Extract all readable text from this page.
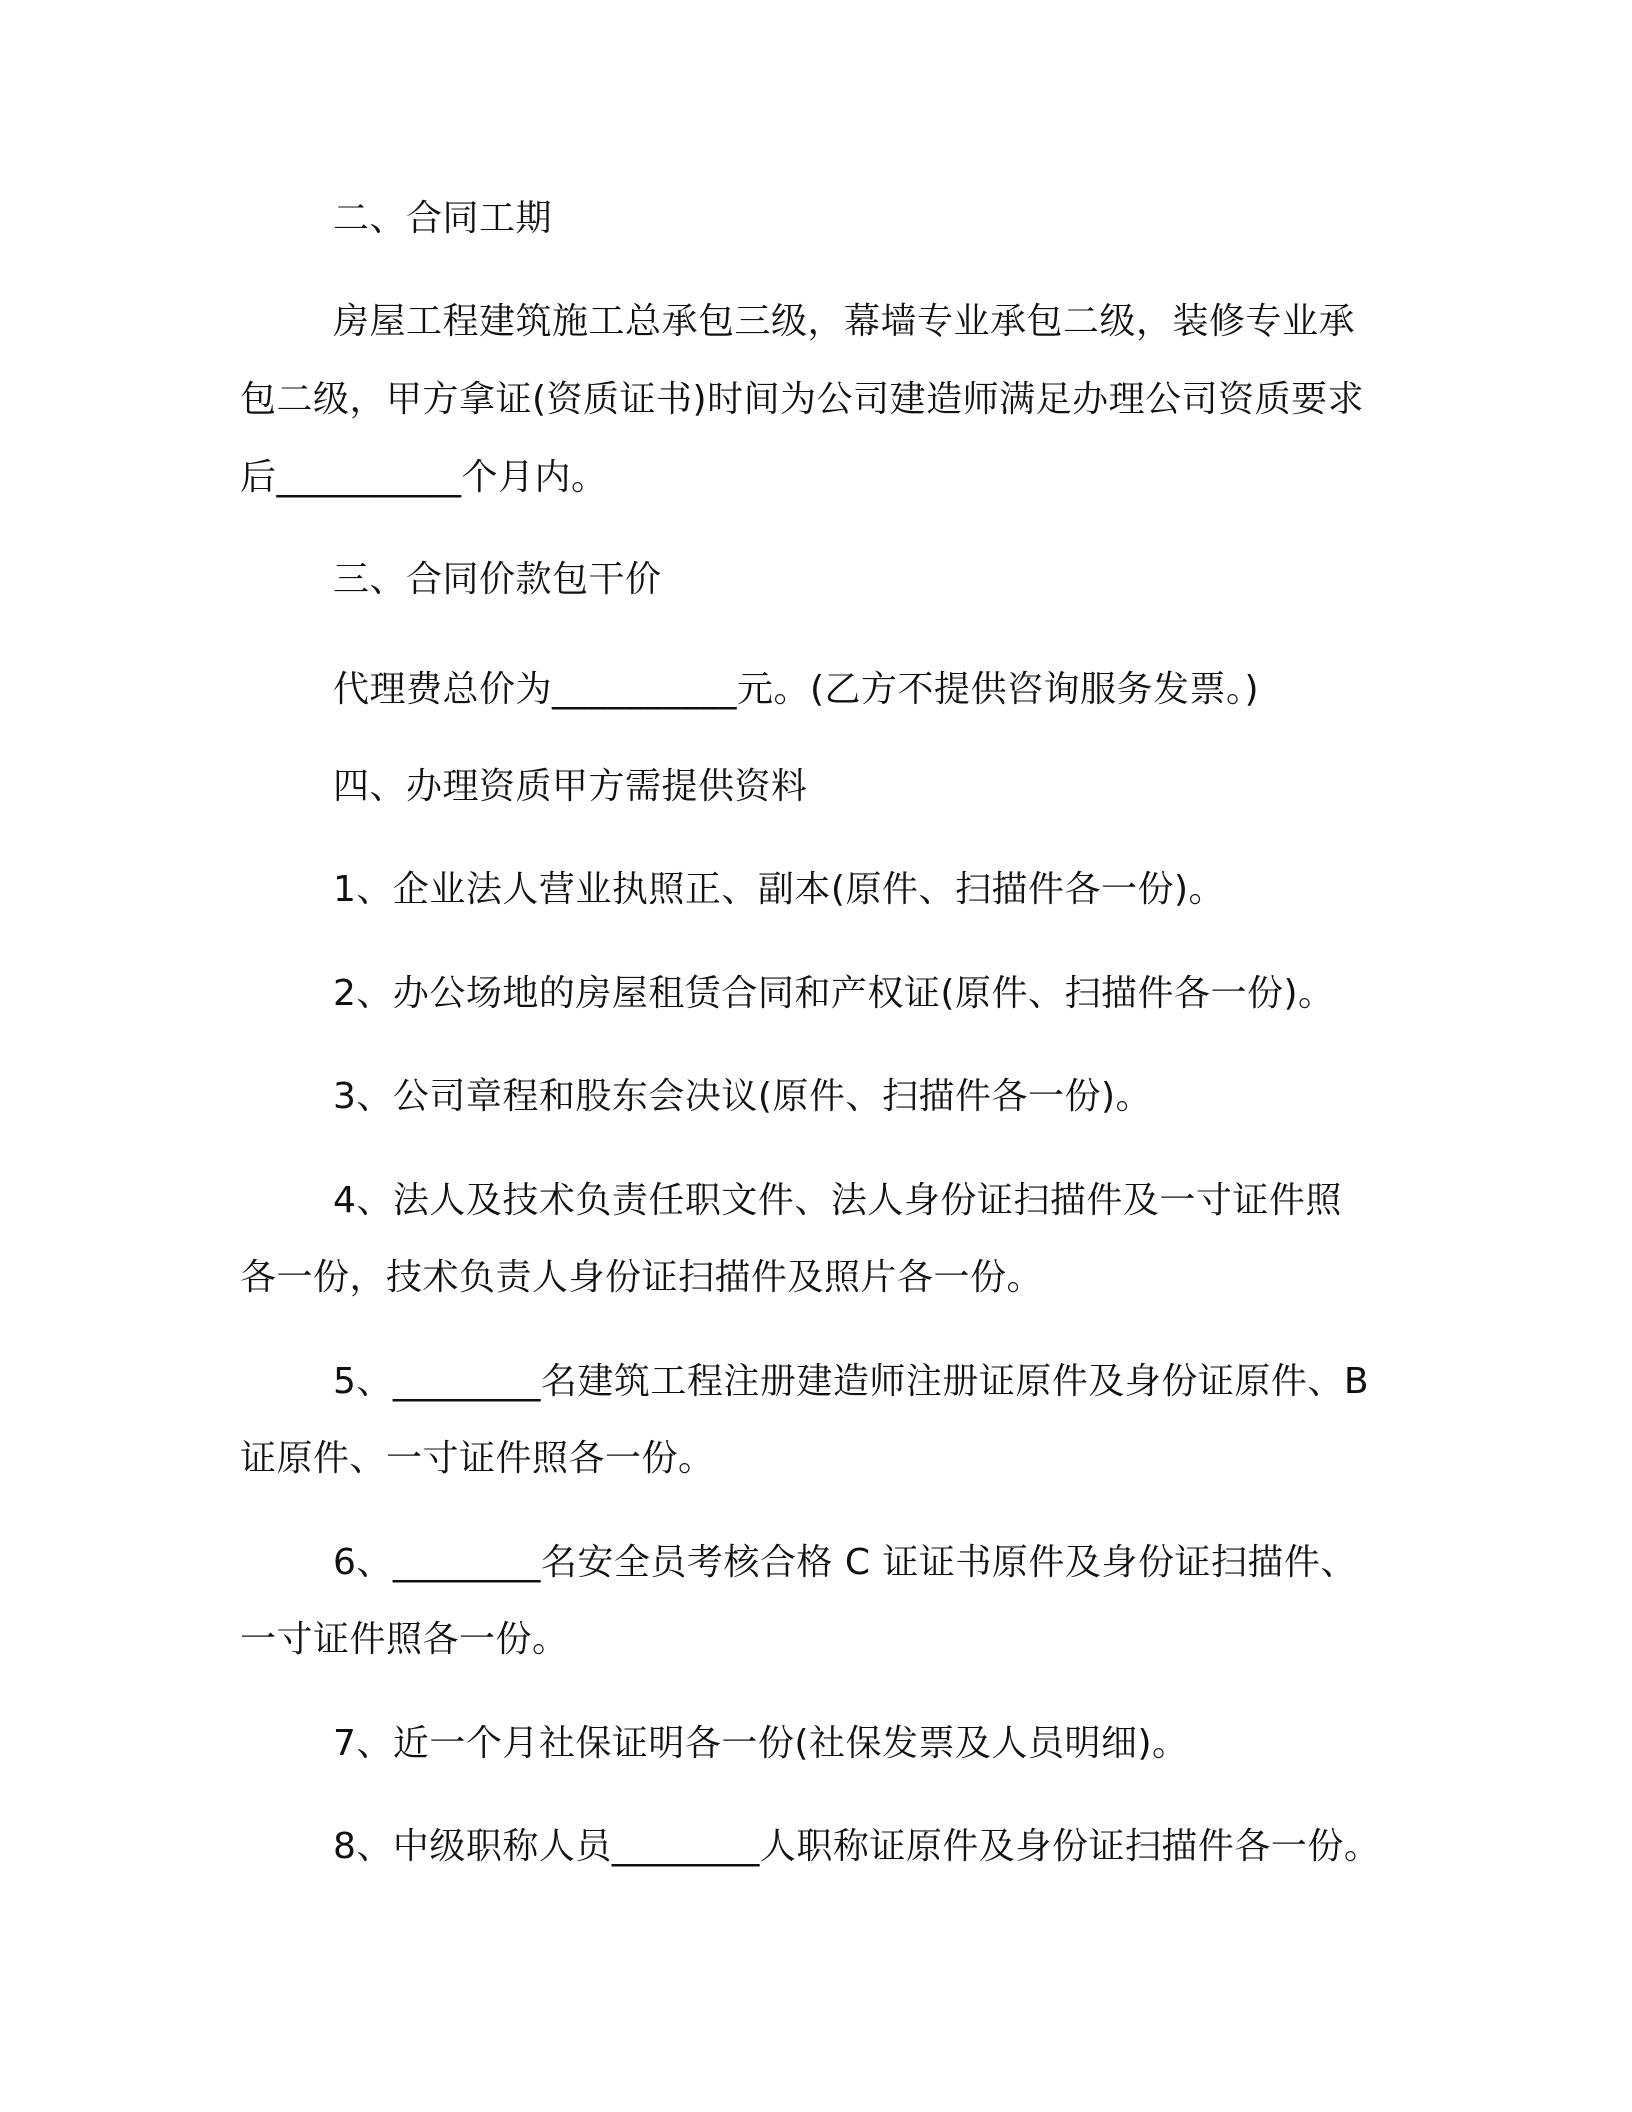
二、合同工期
房屋工程建筑施工总承包三级，幕墙专业承包二级，装修专业承
包二级，甲方拿证(资质证书)时间为公司建造师满足办理公司资质要求
后__________个月内。
三、合同价款包干价
代理费总价为__________元。(乙方不提供咨询服务发票。)
四、办理资质甲方需提供资料
1、企业法人营业执照正、副本(原件、扫描件各一份)。
2、办公场地的房屋租赁合同和产权证(原件、扫描件各一份)。
3、公司章程和股东会决议(原件、扫描件各一份)。
4、法人及技术负责任职文件、法人身份证扫描件及一寸证件照
各一份，技术负责人身份证扫描件及照片各一份。
5、________名建筑工程注册建造师注册证原件及身份证原件、B
证原件、一寸证件照各一份。
6、________名安全员考核合格 C 证证书原件及身份证扫描件、
一寸证件照各一份。
7、近一个月社保证明各一份(社保发票及人员明细)。
8、中级职称人员________人职称证原件及身份证扫描件各一份。
